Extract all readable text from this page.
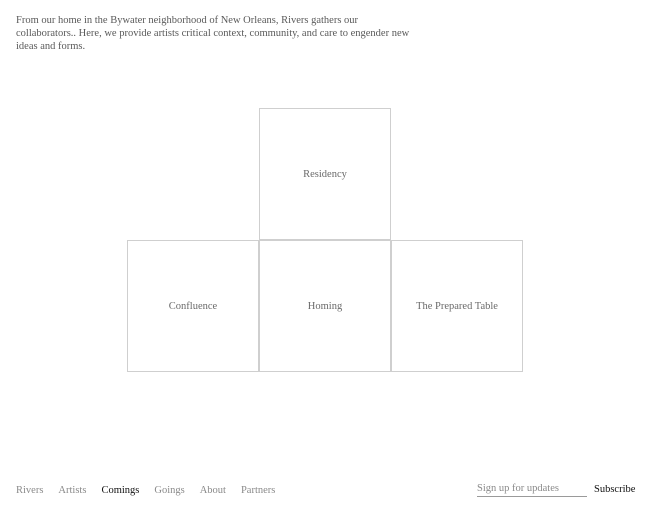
From our home in the Bywater neighborhood of New Orleans, Rivers gathers our collaborators.. Here, we provide artists critical context, community, and care to engender new ideas and forms.

Residency
Confluence	Homing	The Prepared Table
Rivers Artists Comings Goings About Partners
Sign up for updates	Subscribe
